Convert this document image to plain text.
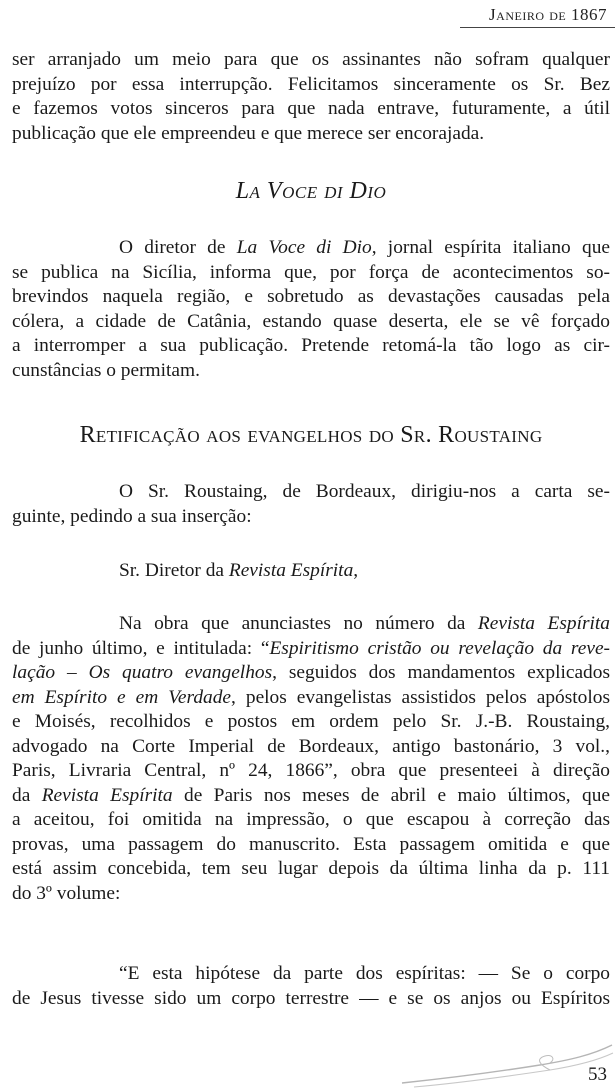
Janeiro de 1867
ser arranjado um meio para que os assinantes não sofram qualquer
prejuízo por essa interrupção. Felicitamos sinceramente os Sr. Bez
e fazemos votos sinceros para que nada entrave, futuramente, a útil
publicação que ele empreendeu e que merece ser encorajada.
La Voce di Dio
O diretor de La Voce di Dio, jornal espírita italiano que
se publica na Sicília, informa que, por força de acontecimentos so-
brevindos naquela região, e sobretudo as devastações causadas pela
cólera, a cidade de Catânia, estando quase deserta, ele se vê forçado
a interromper a sua publicação. Pretende retomá-la tão logo as cir-
cunstâncias o permitam.
Retificação aos evangelhos do Sr. Roustaing
O Sr. Roustaing, de Bordeaux, dirigiu-nos a carta se-
guinte, pedindo a sua inserção:
Sr. Diretor da Revista Espírita,
Na obra que anunciastes no número da Revista Espírita
de junho último, e intitulada: “Espiritismo cristão ou revelação da reve-
lação – Os quatro evangelhos, seguidos dos mandamentos explicados
em Espírito e em Verdade, pelos evangelistas assistidos pelos apóstolos
e Moisés, recolhidos e postos em ordem pelo Sr. J.-B. Roustaing,
advogado na Corte Imperial de Bordeaux, antigo bastonário, 3 vol.,
Paris, Livraria Central, nº 24, 1866”, obra que presenteei à direção
da Revista Espírita de Paris nos meses de abril e maio últimos, que
a aceitou, foi omitida na impressão, o que escapou à correção das
provas, uma passagem do manuscrito. Esta passagem omitida e que
está assim concebida, tem seu lugar depois da última linha da p. 111
do 3º volume:
“E esta hipótese da parte dos espíritas: — Se o corpo
de Jesus tivesse sido um corpo terrestre — e se os anjos ou Espíritos
53
